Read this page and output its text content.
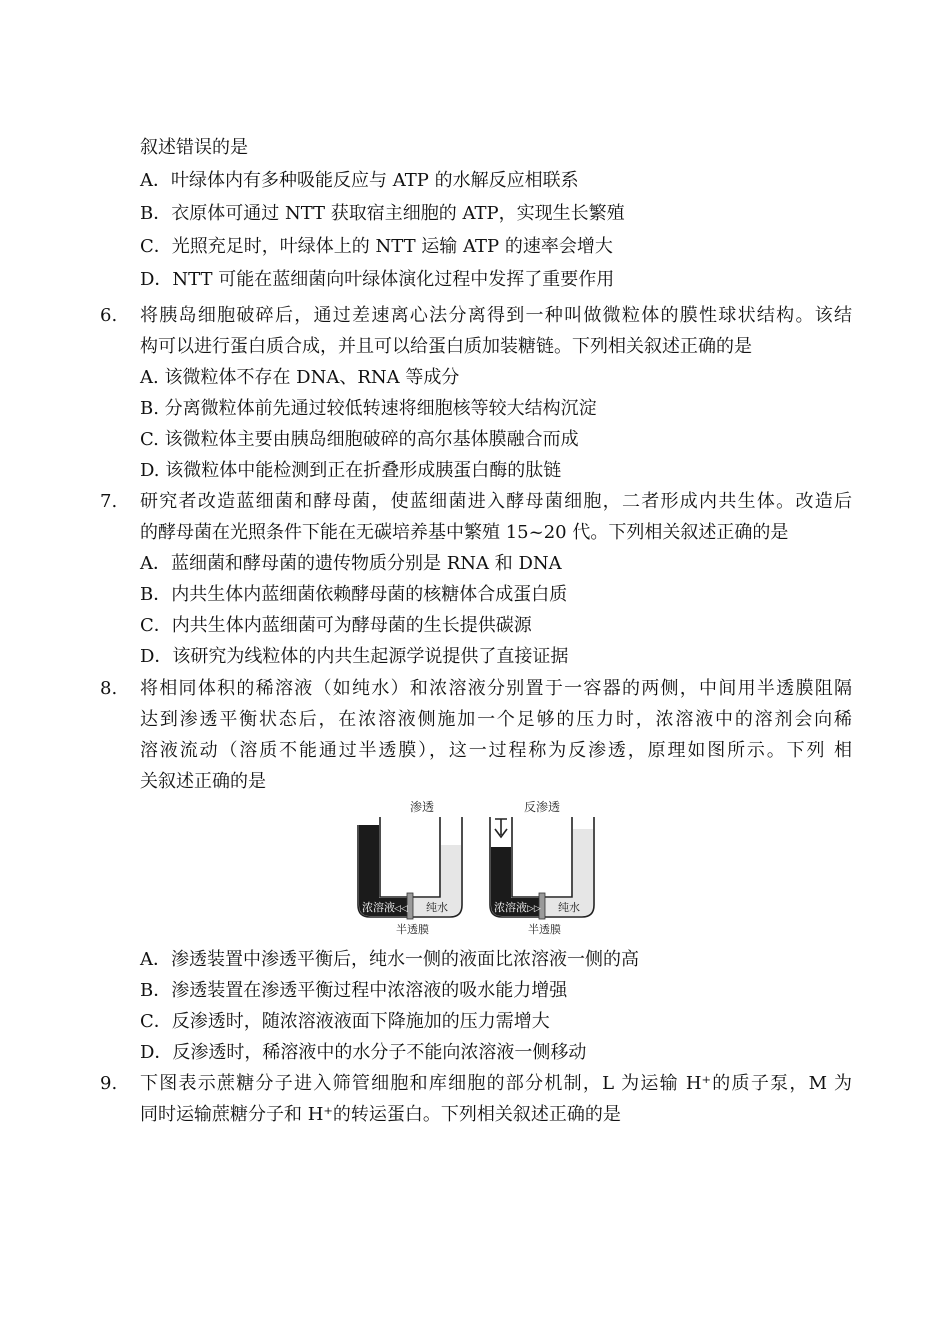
叙述错误的是
A．叶绿体内有多种吸能反应与 ATP 的水解反应相联系
B．衣原体可通过 NTT 获取宿主细胞的 ATP，实现生长繁殖
C．光照充足时，叶绿体上的 NTT 运输 ATP 的速率会增大
D．NTT 可能在蓝细菌向叶绿体演化过程中发挥了重要作用
6. 将胰岛细胞破碎后，通过差速离心法分离得到一种叫做微粒体的膜性球状结构。该结
构可以进行蛋白质合成，并且可以给蛋白质加装糖链。下列相关叙述正确的是
A. 该微粒体不存在 DNA、RNA 等成分
B. 分离微粒体前先通过较低转速将细胞核等较大结构沉淀
C. 该微粒体主要由胰岛细胞破碎的高尔基体膜融合而成
D. 该微粒体中能检测到正在折叠形成胰蛋白酶的肽链
7. 研究者改造蓝细菌和酵母菌，使蓝细菌进入酵母菌细胞，二者形成内共生体。改造后
的酵母菌在光照条件下能在无碳培养基中繁殖 15~20 代。下列相关叙述正确的是
A．蓝细菌和酵母菌的遗传物质分别是 RNA 和 DNA
B．内共生体内蓝细菌依赖酵母菌的核糖体合成蛋白质
C．内共生体内蓝细菌可为酵母菌的生长提供碳源
D．该研究为线粒体的内共生起源学说提供了直接证据
8. 将相同体积的稀溶液（如纯水）和浓溶液分别置于一容器的两侧，中间用半透膜阻隔
达到渗透平衡状态后，在浓溶液侧施加一个足够的压力时，浓溶液中的溶剂会向稀
溶液流动（溶质不能通过半透膜），这一过程称为反渗透，原理如图所示。下列 相
关叙述正确的是
渗透
浓溶液 ◁◁ 纯水
半透膜
反渗透
浓溶液 ▷▷ 纯水
半透膜
A．渗透装置中渗透平衡后，纯水一侧的液面比浓溶液一侧的高
B．渗透装置在渗透平衡过程中浓溶液的吸水能力增强
C．反渗透时，随浓溶液液面下降施加的压力需增大
D．反渗透时，稀溶液中的水分子不能向浓溶液一侧移动
9. 下图表示蔗糖分子进入筛管细胞和库细胞的部分机制，L 为运输 H⁺的质子泵，M 为
同时运输蔗糖分子和 H⁺的转运蛋白。下列相关叙述正确的是
